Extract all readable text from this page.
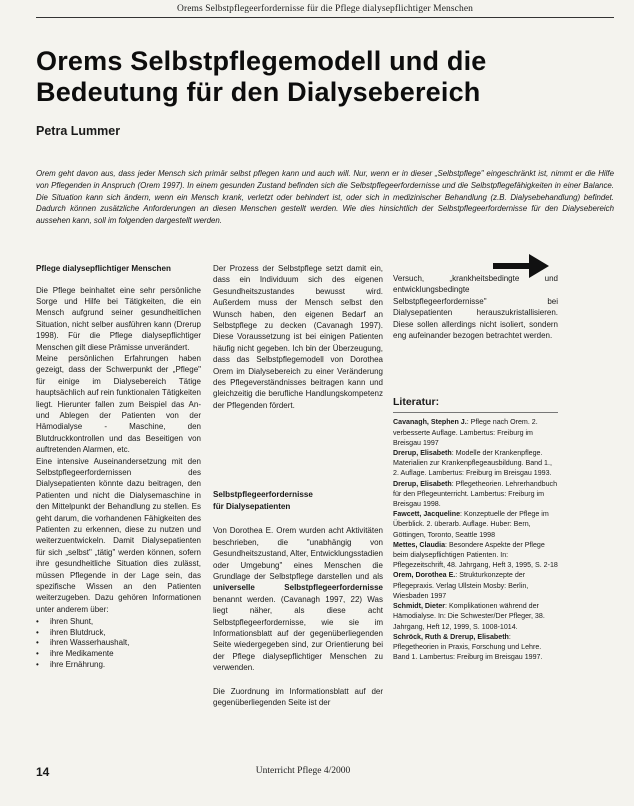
Orems Selbstpflegeerfordernisse für die Pflege dialysepflichtiger Menschen
Orems Selbstpflegemodell und die Bedeutung für den Dialysebereich

Petra Lummer

Orem geht davon aus, dass jeder Mensch sich primär selbst pflegen kann und auch will. Nur, wenn er in dieser „Selbstpflege" eingeschränkt ist, nimmt er die Hilfe von Pflegenden in Anspruch (Orem 1997). In einem gesunden Zustand befinden sich die Selbstpflegeerfordernisse und die Selbstpflegefähigkeiten in einer Balance. Die Situation kann sich ändern, wenn ein Mensch krank, verletzt oder behindert ist, oder sich in medizinischer Behandlung (z.B. Dialysebehandlung) befindet. Dadurch können zusätzliche Anforderungen an diesen Menschen gestellt werden. Wie dies hinsichtlich der Selbstpflegeerfordernisse für den Dialysebereich aussehen kann, soll im folgenden dargestellt werden.

Pflege dialysepflichtiger Menschen

Die Pflege beinhaltet eine sehr persönliche Sorge und Hilfe bei Tätigkeiten, die ein Mensch aufgrund seiner gesundheitlichen Situation, nicht selber ausführen kann (Drerup 1998). Für die Pflege dialysepflichtiger Menschen gilt diese Prämisse unverändert.

Meine persönlichen Erfahrungen haben gezeigt, dass der Schwerpunkt der „Pflege" für einige im Dialysebereich Tätige hauptsächlich auf rein funktionalen Tätigkeiten liegt. Hierunter fallen zum Beispiel das An- und Ablegen der Patienten von der Hämodialyse - Maschine, den Blutdruckkontrollen und das Beseitigen von auftretenden Alarmen, etc.

Eine intensive Auseinandersetzung mit den Selbstpflegeerfordernissen des Dialysepatienten könnte dazu beitragen, den Patienten und nicht die Dialysemaschine in den Mittelpunkt der Behandlung zu stellen. Es geht darum, die vorhandenen Fähigkeiten des Patienten zu erkennen, diese zu nutzen und weiterzuentwickeln. Damit Dialysepatienten für sich „selbst" „tätig" werden können, sofern ihre gesundheitliche Situation dies zulässt, müssen Pflegende in der Lage sein, das spezifische Wissen an den Patienten weiterzugeben. Dazu gehören Informationen unter anderem über:

• ihren Shunt,
• ihren Blutdruck,
• ihren Wasserhaushalt,
• ihre Medikamente
• ihre Ernährung.

Der Prozess der Selbstpflege setzt damit ein, dass ein Individuum sich des eigenen Gesundheitszustandes bewusst wird. Außerdem muss der Mensch selbst den Wunsch haben, den eigenen Bedarf an Selbstpflege zu decken (Cavanagh 1997). Diese Voraussetzung ist bei einigen Patienten häufig nicht gegeben. Ich bin der Überzeugung, dass das Selbstpflegemodell von Dorothea Orem im Dialysebereich zu einer Veränderung des Pflegeverständnisses beitragen kann und gleichzeitig die berufliche Handlungskompetenz der Pflegenden fördert.

Selbstpflegeerfordernisse
für Dialysepatienten

Von Dorothea E. Orem wurden acht Aktivitäten beschrieben, die "unabhängig von Gesundheitszustand, Alter, Entwicklungsstadien oder Umgebung" eines Menschen die Grundlage der Selbstpflege darstellen und als universelle Selbstpflegeerfordernisse benannt werden. (Cavanagh 1997, 22) Was liegt näher, als diese acht Selbstpflegeerfordernisse, wie sie im Informationsblatt auf der gegenüberliegenden Seite wiedergegeben sind, zur Orientierung bei der Pflege dialysepflichtiger Menschen zu verwenden.

Die Zuordnung im Informationsblatt auf der gegenüberliegenden Seite ist der

Versuch, „krankheitsbedingte und entwicklungsbedingte Selbstpflegeerfordernisse" bei Dialysepatienten herauszukristallisieren. Diese sollen allerdings nicht isoliert, sondern eng aufeinander bezogen betrachtet werden.

Literatur:

Cavanagh, Stephen J.: Pflege nach Orem. 2. verbesserte Auflage. Lambertus: Freiburg im Breisgau 1997

Drerup, Elisabeth: Modelle der Krankenpflege. Materialien zur Krankenpflegeausbildung. Band 1., 2. Auflage. Lambertus: Freiburg im Breisgau 1993.

Drerup, Elisabeth: Pflegetheorien. Lehrerhandbuch für den Pflegeunterricht. Lambertus: Freiburg im Breisgau 1998.

Fawcett, Jacqueline: Konzeptuelle der Pflege im Überblick. 2. überarb. Auflage. Huber: Bern, Göttingen, Toronto, Seattle 1998

Mettes, Claudia: Besondere Aspekte der Pflege beim dialysepflichtigen Patienten. In: Pflegezeitschrift, 48. Jahrgang, Heft 3, 1995, S. 2-18

Orem, Dorothea E.: Strukturkonzepte der Pflegepraxis. Verlag Ullstein Mosby: Berlin, Wiesbaden 1997

Schmidt, Dieter: Komplikationen während der Hämodialyse. In: Die Schwester/Der Pfleger, 38. Jahrgang, Heft 12, 1999, S. 1008-1014.

Schröck, Ruth & Drerup, Elisabeth: Pflegetheorien in Praxis, Forschung und Lehre. Band 1. Lambertus: Freiburg im Breisgau 1997.

14	Unterricht Pflege 4/2000
